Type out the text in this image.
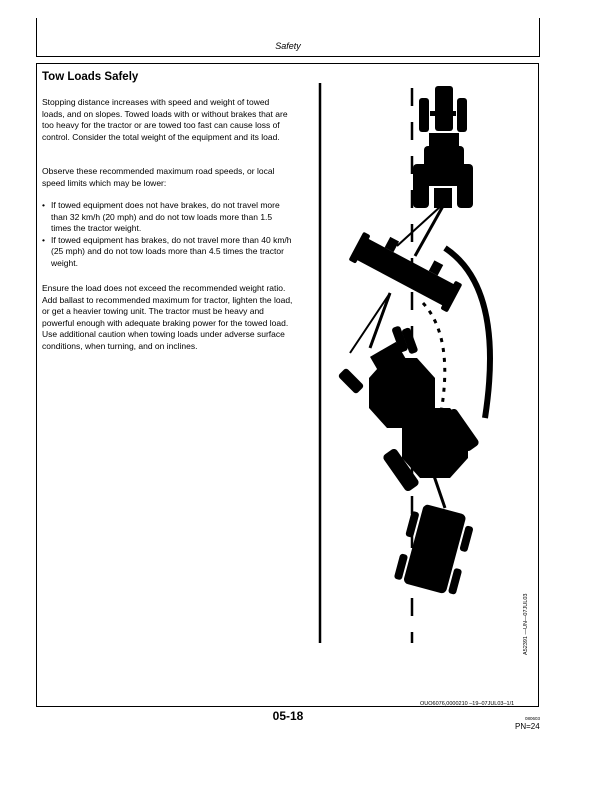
Safety
Tow Loads Safely

Stopping distance increases with speed and weight of towed loads, and on slopes. Towed loads with or without brakes that are too heavy for the tractor or are towed too fast can cause loss of control. Consider the total weight of the equipment and its load.

Observe these recommended maximum road speeds, or local speed limits which may be lower:

• If towed equipment does not have brakes, do not travel more than 32 km/h (20 mph) and do not tow loads more than 1.5 times the tractor weight.
• If towed equipment has brakes, do not travel more than 40 km/h (25 mph) and do not tow loads more than 4.5 times the tractor weight.

Ensure the load does not exceed the recommended weight ratio. Add ballast to recommended maximum for tractor, lighten the load, or get a heavier towing unit. The tractor must be heavy and powerful enough with adequate braking power for the towed load. Use additional caution when towing loads under adverse surface conditions, when turning, and on inclines.

A52391 —UN—07JUL03
OUO6076,0000210 –19–07JUL03–1/1
05-18	080603
PN=24
